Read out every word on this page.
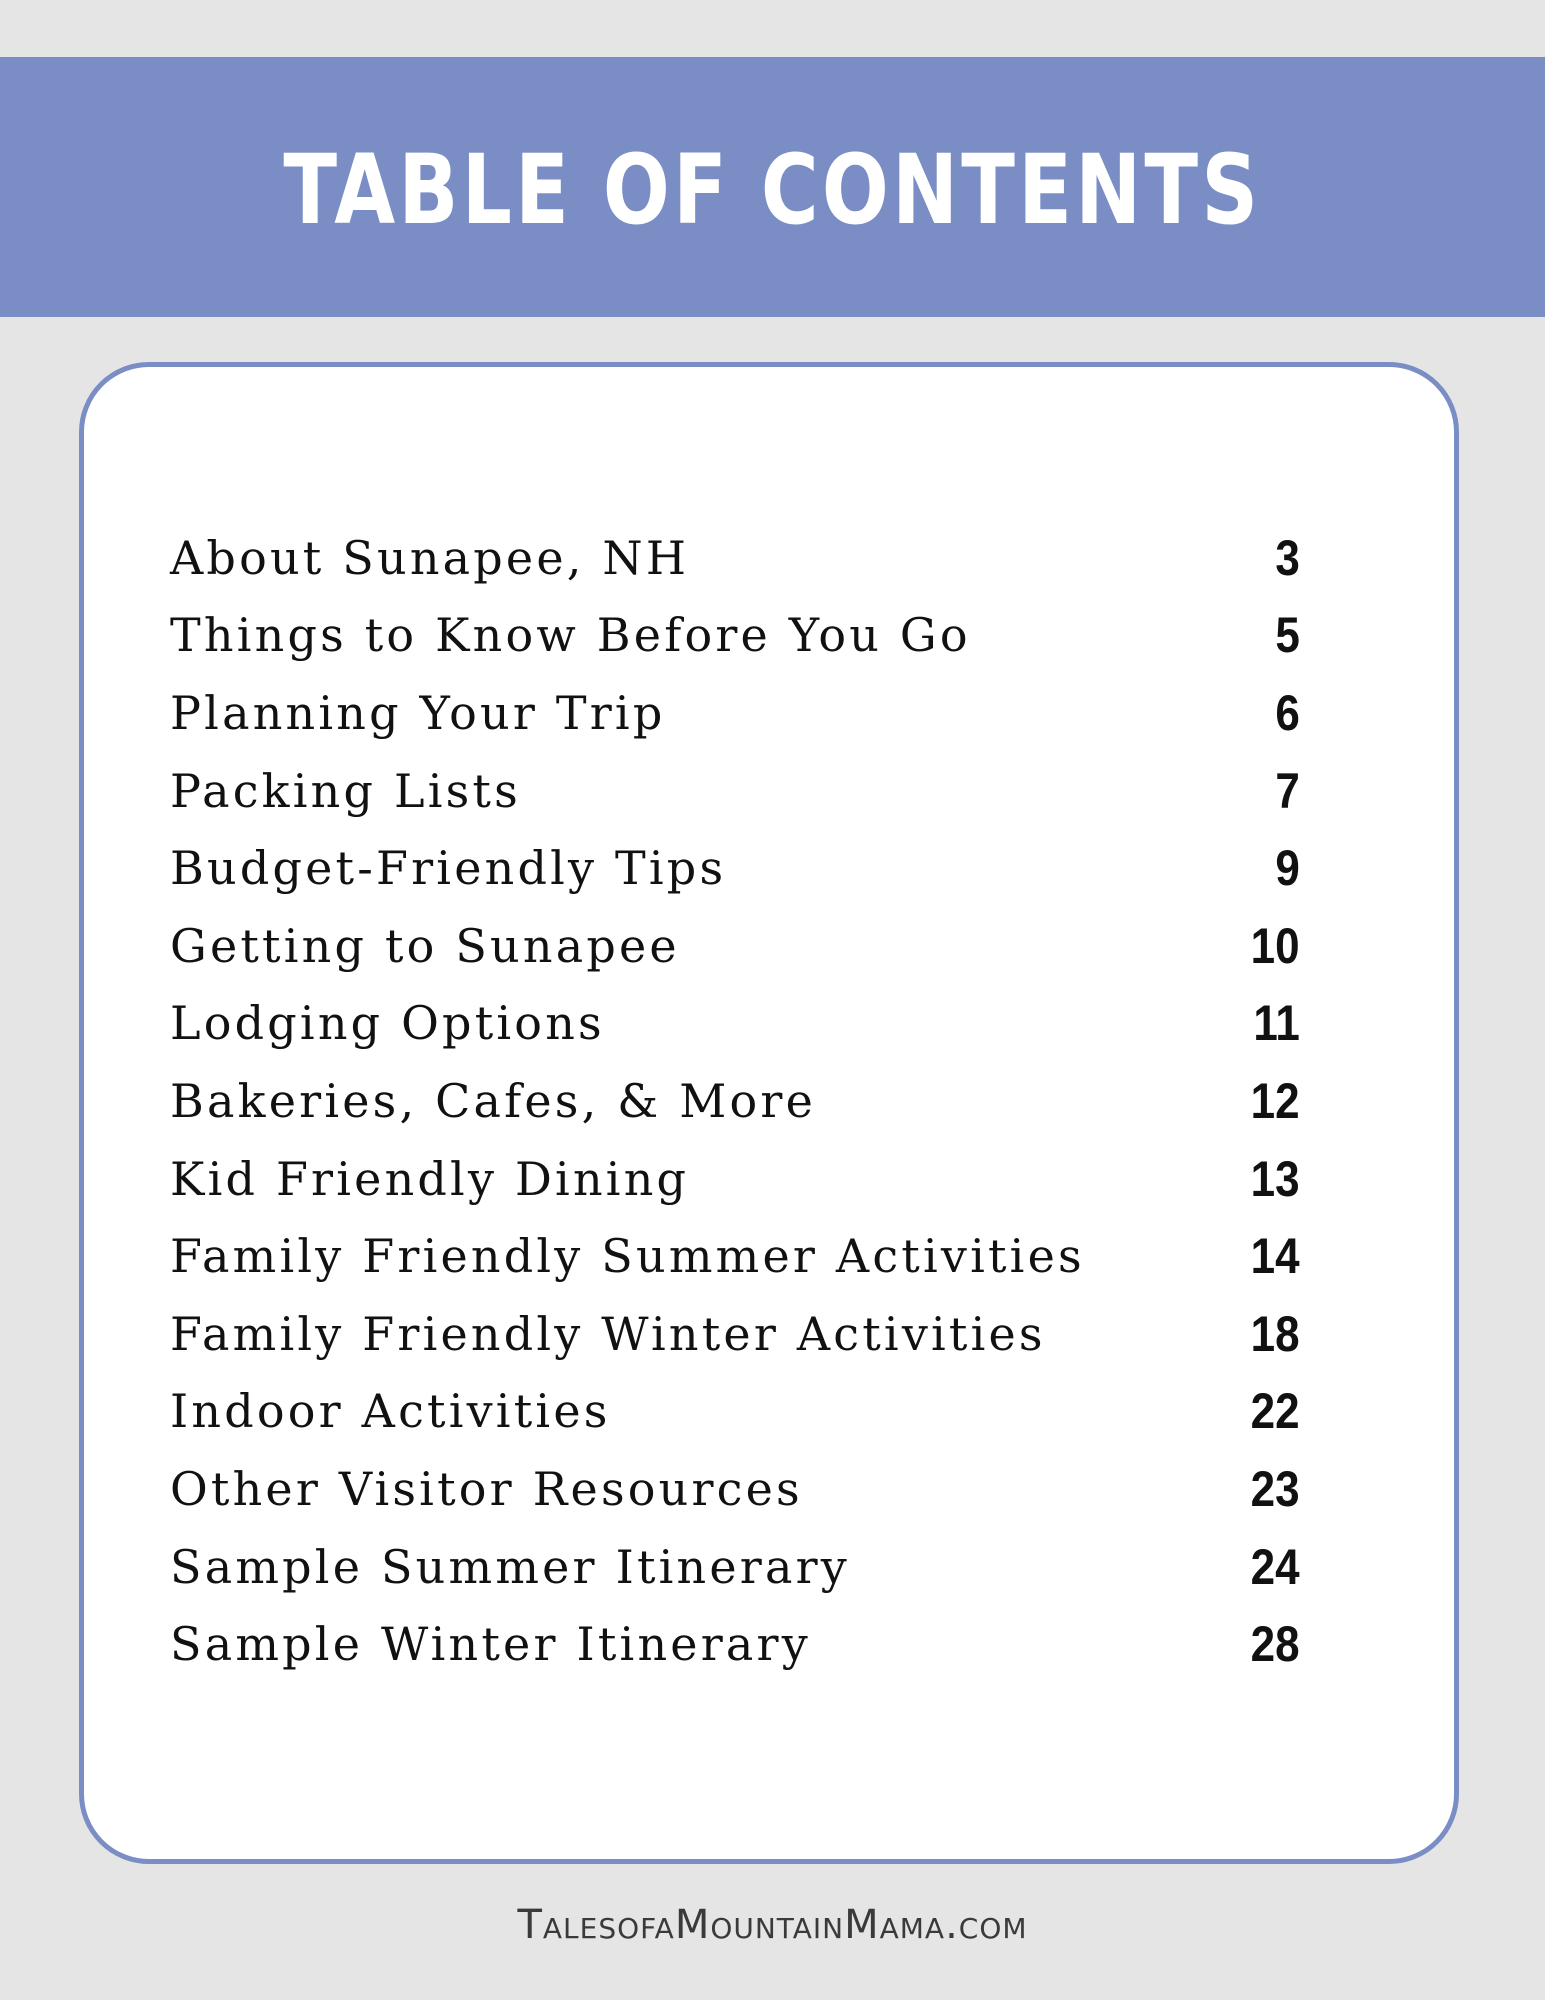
TABLE OF CONTENTS
About Sunapee, NH	3
Things to Know Before You Go	5
Planning Your Trip	6
Packing Lists	7
Budget-Friendly Tips	9
Getting to Sunapee	10
Lodging Options	11
Bakeries, Cafes, & More	12
Kid Friendly Dining	13
Family Friendly Summer Activities	14
Family Friendly Winter Activities	18
Indoor Activities	22
Other Visitor Resources	23
Sample Summer Itinerary	24
Sample Winter Itinerary	28
TalesofaMountainMama.com
